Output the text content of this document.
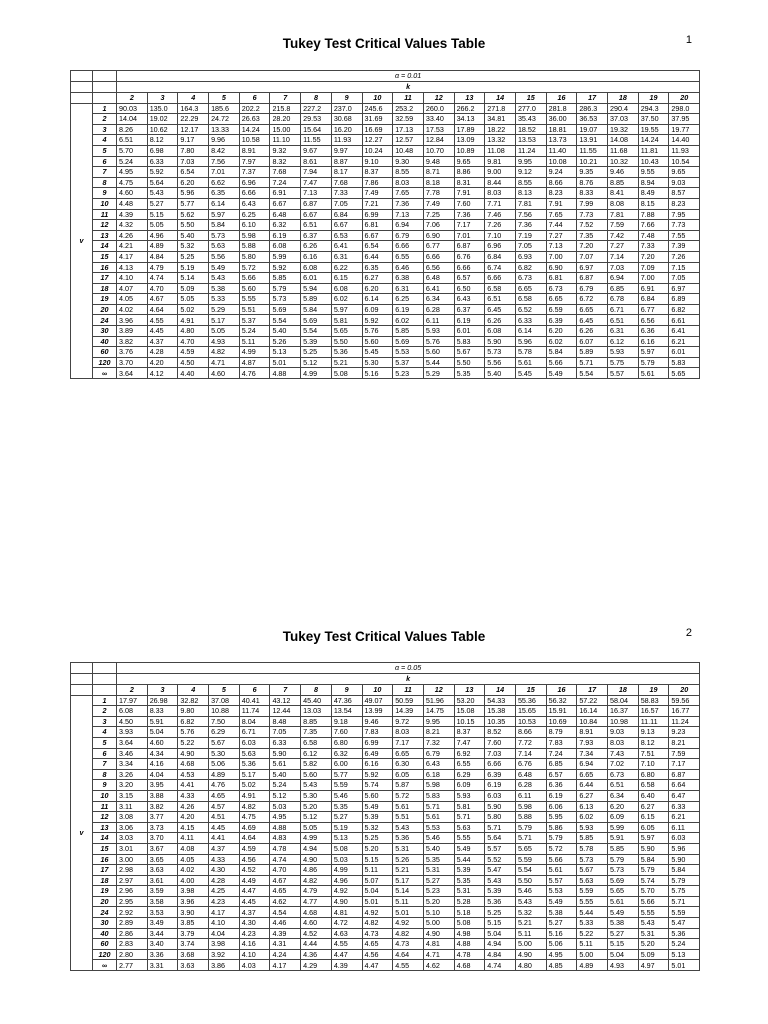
Tukey Test Critical Values Table	1
		α = 0.01																		
		k																		
		2	3	4	5	6	7	8	9	10	11	12	13	14	15	16	17	18	19	20
v	1	90.03	135.0	164.3	185.6	202.2	215.8	227.2	237.0	245.6	253.2	260.0	266.2	271.8	277.0	281.8	286.3	290.4	294.3	298.0
	2	14.04	19.02	22.29	24.72	26.63	28.20	29.53	30.68	31.69	32.59	33.40	34.13	34.81	35.43	36.00	36.53	37.03	37.50	37.95
	3	8.26	10.62	12.17	13.33	14.24	15.00	15.64	16.20	16.69	17.13	17.53	17.89	18.22	18.52	18.81	19.07	19.32	19.55	19.77
	4	6.51	8.12	9.17	9.96	10.58	11.10	11.55	11.93	12.27	12.57	12.84	13.09	13.32	13.53	13.73	13.91	14.08	14.24	14.40
	5	5.70	6.98	7.80	8.42	8.91	9.32	9.67	9.97	10.24	10.48	10.70	10.89	11.08	11.24	11.40	11.55	11.68	11.81	11.93
	6	5.24	6.33	7.03	7.56	7.97	8.32	8.61	8.87	9.10	9.30	9.48	9.65	9.81	9.95	10.08	10.21	10.32	10.43	10.54
	7	4.95	5.92	6.54	7.01	7.37	7.68	7.94	8.17	8.37	8.55	8.71	8.86	9.00	9.12	9.24	9.35	9.46	9.55	9.65
	8	4.75	5.64	6.20	6.62	6.96	7.24	7.47	7.68	7.86	8.03	8.18	8.31	8.44	8.55	8.66	8.76	8.85	8.94	9.03
	9	4.60	5.43	5.96	6.35	6.66	6.91	7.13	7.33	7.49	7.65	7.78	7.91	8.03	8.13	8.23	8.33	8.41	8.49	8.57
	10	4.48	5.27	5.77	6.14	6.43	6.67	6.87	7.05	7.21	7.36	7.49	7.60	7.71	7.81	7.91	7.99	8.08	8.15	8.23
	11	4.39	5.15	5.62	5.97	6.25	6.48	6.67	6.84	6.99	7.13	7.25	7.36	7.46	7.56	7.65	7.73	7.81	7.88	7.95
	12	4.32	5.05	5.50	5.84	6.10	6.32	6.51	6.67	6.81	6.94	7.06	7.17	7.26	7.36	7.44	7.52	7.59	7.66	7.73
	13	4.26	4.96	5.40	5.73	5.98	6.19	6.37	6.53	6.67	6.79	6.90	7.01	7.10	7.19	7.27	7.35	7.42	7.48	7.55
	14	4.21	4.89	5.32	5.63	5.88	6.08	6.26	6.41	6.54	6.66	6.77	6.87	6.96	7.05	7.13	7.20	7.27	7.33	7.39
	15	4.17	4.84	5.25	5.56	5.80	5.99	6.16	6.31	6.44	6.55	6.66	6.76	6.84	6.93	7.00	7.07	7.14	7.20	7.26
	16	4.13	4.79	5.19	5.49	5.72	5.92	6.08	6.22	6.35	6.46	6.56	6.66	6.74	6.82	6.90	6.97	7.03	7.09	7.15
	17	4.10	4.74	5.14	5.43	5.66	5.85	6.01	6.15	6.27	6.38	6.48	6.57	6.66	6.73	6.81	6.87	6.94	7.00	7.05
	18	4.07	4.70	5.09	5.38	5.60	5.79	5.94	6.08	6.20	6.31	6.41	6.50	6.58	6.65	6.73	6.79	6.85	6.91	6.97
	19	4.05	4.67	5.05	5.33	5.55	5.73	5.89	6.02	6.14	6.25	6.34	6.43	6.51	6.58	6.65	6.72	6.78	6.84	6.89
	20	4.02	4.64	5.02	5.29	5.51	5.69	5.84	5.97	6.09	6.19	6.28	6.37	6.45	6.52	6.59	6.65	6.71	6.77	6.82
	24	3.96	4.55	4.91	5.17	5.37	5.54	5.69	5.81	5.92	6.02	6.11	6.19	6.26	6.33	6.39	6.45	6.51	6.56	6.61
	30	3.89	4.45	4.80	5.05	5.24	5.40	5.54	5.65	5.76	5.85	5.93	6.01	6.08	6.14	6.20	6.26	6.31	6.36	6.41
	40	3.82	4.37	4.70	4.93	5.11	5.26	5.39	5.50	5.60	5.69	5.76	5.83	5.90	5.96	6.02	6.07	6.12	6.16	6.21
	60	3.76	4.28	4.59	4.82	4.99	5.13	5.25	5.36	5.45	5.53	5.60	5.67	5.73	5.78	5.84	5.89	5.93	5.97	6.01
	120	3.70	4.20	4.50	4.71	4.87	5.01	5.12	5.21	5.30	5.37	5.44	5.50	5.56	5.61	5.66	5.71	5.75	5.79	5.83
	∞	3.64	4.12	4.40	4.60	4.76	4.88	4.99	5.08	5.16	5.23	5.29	5.35	5.40	5.45	5.49	5.54	5.57	5.61	5.65
Tukey Test Critical Values Table	2
		α = 0.05																		
		k																		
		2	3	4	5	6	7	8	9	10	11	12	13	14	15	16	17	18	19	20
v	1	17.97	26.98	32.82	37.08	40.41	43.12	45.40	47.36	49.07	50.59	51.96	53.20	54.33	55.36	56.32	57.22	58.04	58.83	59.56
	2	6.08	8.33	9.80	10.88	11.74	12.44	13.03	13.54	13.99	14.39	14.75	15.08	15.38	15.65	15.91	16.14	16.37	16.57	16.77
	3	4.50	5.91	6.82	7.50	8.04	8.48	8.85	9.18	9.46	9.72	9.95	10.15	10.35	10.53	10.69	10.84	10.98	11.11	11.24
	4	3.93	5.04	5.76	6.29	6.71	7.05	7.35	7.60	7.83	8.03	8.21	8.37	8.52	8.66	8.79	8.91	9.03	9.13	9.23
	5	3.64	4.60	5.22	5.67	6.03	6.33	6.58	6.80	6.99	7.17	7.32	7.47	7.60	7.72	7.83	7.93	8.03	8.12	8.21
	6	3.46	4.34	4.90	5.30	5.63	5.90	6.12	6.32	6.49	6.65	6.79	6.92	7.03	7.14	7.24	7.34	7.43	7.51	7.59
	7	3.34	4.16	4.68	5.06	5.36	5.61	5.82	6.00	6.16	6.30	6.43	6.55	6.66	6.76	6.85	6.94	7.02	7.10	7.17
	8	3.26	4.04	4.53	4.89	5.17	5.40	5.60	5.77	5.92	6.05	6.18	6.29	6.39	6.48	6.57	6.65	6.73	6.80	6.87
	9	3.20	3.95	4.41	4.76	5.02	5.24	5.43	5.59	5.74	5.87	5.98	6.09	6.19	6.28	6.36	6.44	6.51	6.58	6.64
	10	3.15	3.88	4.33	4.65	4.91	5.12	5.30	5.46	5.60	5.72	5.83	5.93	6.03	6.11	6.19	6.27	6.34	6.40	6.47
	11	3.11	3.82	4.26	4.57	4.82	5.03	5.20	5.35	5.49	5.61	5.71	5.81	5.90	5.98	6.06	6.13	6.20	6.27	6.33
	12	3.08	3.77	4.20	4.51	4.75	4.95	5.12	5.27	5.39	5.51	5.61	5.71	5.80	5.88	5.95	6.02	6.09	6.15	6.21
	13	3.06	3.73	4.15	4.45	4.69	4.88	5.05	5.19	5.32	5.43	5.53	5.63	5.71	5.79	5.86	5.93	5.99	6.05	6.11
	14	3.03	3.70	4.11	4.41	4.64	4.83	4.99	5.13	5.25	5.36	5.46	5.55	5.64	5.71	5.79	5.85	5.91	5.97	6.03
	15	3.01	3.67	4.08	4.37	4.59	4.78	4.94	5.08	5.20	5.31	5.40	5.49	5.57	5.65	5.72	5.78	5.85	5.90	5.96
	16	3.00	3.65	4.05	4.33	4.56	4.74	4.90	5.03	5.15	5.26	5.35	5.44	5.52	5.59	5.66	5.73	5.79	5.84	5.90
	17	2.98	3.63	4.02	4.30	4.52	4.70	4.86	4.99	5.11	5.21	5.31	5.39	5.47	5.54	5.61	5.67	5.73	5.79	5.84
	18	2.97	3.61	4.00	4.28	4.49	4.67	4.82	4.96	5.07	5.17	5.27	5.35	5.43	5.50	5.57	5.63	5.69	5.74	5.79
	19	2.96	3.59	3.98	4.25	4.47	4.65	4.79	4.92	5.04	5.14	5.23	5.31	5.39	5.46	5.53	5.59	5.65	5.70	5.75
	20	2.95	3.58	3.96	4.23	4.45	4.62	4.77	4.90	5.01	5.11	5.20	5.28	5.36	5.43	5.49	5.55	5.61	5.66	5.71
	24	2.92	3.53	3.90	4.17	4.37	4.54	4.68	4.81	4.92	5.01	5.10	5.18	5.25	5.32	5.38	5.44	5.49	5.55	5.59
	30	2.89	3.49	3.85	4.10	4.30	4.46	4.60	4.72	4.82	4.92	5.00	5.08	5.15	5.21	5.27	5.33	5.38	5.43	5.47
	40	2.86	3.44	3.79	4.04	4.23	4.39	4.52	4.63	4.73	4.82	4.90	4.98	5.04	5.11	5.16	5.22	5.27	5.31	5.36
	60	2.83	3.40	3.74	3.98	4.16	4.31	4.44	4.55	4.65	4.73	4.81	4.88	4.94	5.00	5.06	5.11	5.15	5.20	5.24
	120	2.80	3.36	3.68	3.92	4.10	4.24	4.36	4.47	4.56	4.64	4.71	4.78	4.84	4.90	4.95	5.00	5.04	5.09	5.13
	∞	2.77	3.31	3.63	3.86	4.03	4.17	4.29	4.39	4.47	4.55	4.62	4.68	4.74	4.80	4.85	4.89	4.93	4.97	5.01
